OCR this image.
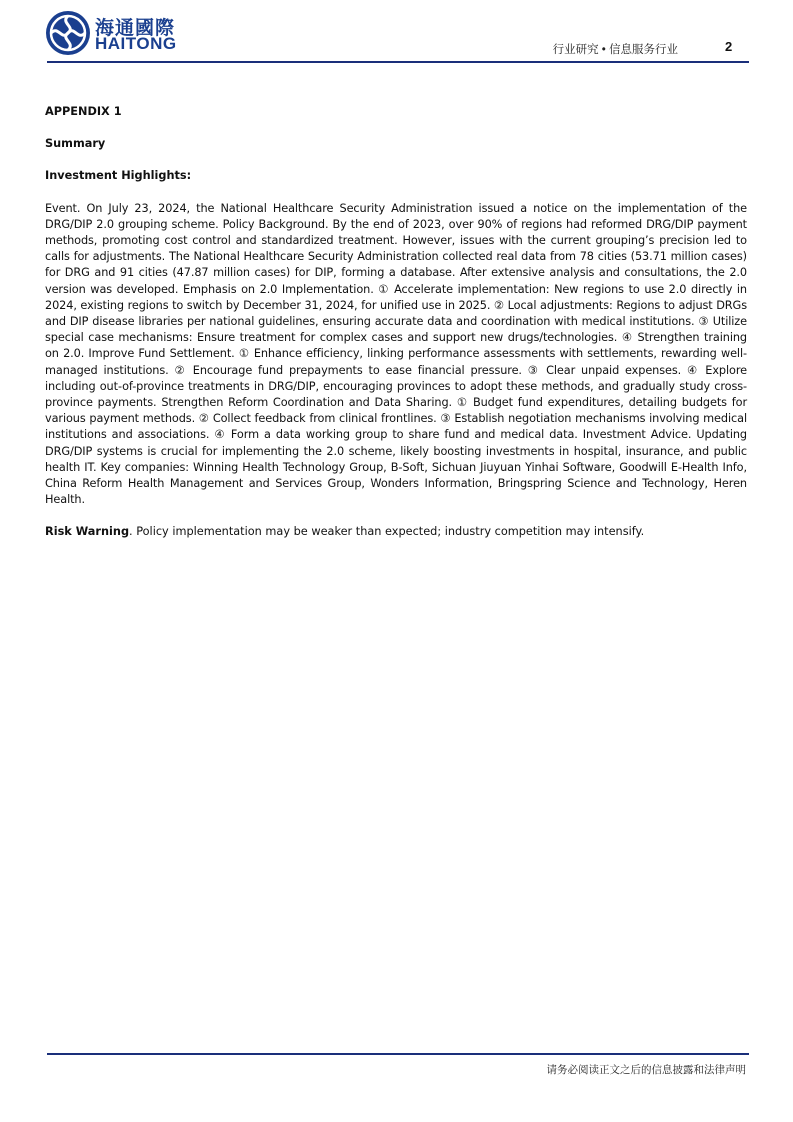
海通國際
HAITONG	行业研究 • 信息服务行业	2

APPENDIX 1

Summary

Investment Highlights:

Event. On July 23, 2024, the National Healthcare Security Administration issued a notice on the implementation of the DRG/DIP 2.0 grouping scheme. Policy Background. By the end of 2023, over 90% of regions had reformed DRG/DIP payment methods, promoting cost control and standardized treatment. However, issues with the current grouping’s precision led to calls for adjustments. The National Healthcare Security Administration collected real data from 78 cities (53.71 million cases) for DRG and 91 cities (47.87 million cases) for DIP, forming a database. After extensive analysis and consultations, the 2.0 version was developed. Emphasis on 2.0 Implementation. ① Accelerate implementation: New regions to use 2.0 directly in 2024, existing regions to switch by December 31, 2024, for unified use in 2025. ② Local adjustments: Regions to adjust DRGs and DIP disease libraries per national guidelines, ensuring accurate data and coordination with medical institutions. ③ Utilize special case mechanisms: Ensure treatment for complex cases and support new drugs/technologies. ④ Strengthen training on 2.0. Improve Fund Settlement. ① Enhance efficiency, linking performance assessments with settlements, rewarding well-managed institutions. ② Encourage fund prepayments to ease financial pressure. ③ Clear unpaid expenses. ④ Explore including out-of-province treatments in DRG/DIP, encouraging provinces to adopt these methods, and gradually study cross-province payments. Strengthen Reform Coordination and Data Sharing. ① Budget fund expenditures, detailing budgets for various payment methods. ② Collect feedback from clinical frontlines. ③ Establish negotiation mechanisms involving medical institutions and associations. ④ Form a data working group to share fund and medical data. Investment Advice. Updating DRG/DIP systems is crucial for implementing the 2.0 scheme, likely boosting investments in hospital, insurance, and public health IT. Key companies: Winning Health Technology Group, B-Soft, Sichuan Jiuyuan Yinhai Software, Goodwill E-Health Info, China Reform Health Management and Services Group, Wonders Information, Bringspring Science and Technology, Heren Health.

Risk Warning. Policy implementation may be weaker than expected; industry competition may intensify.

请务必阅读正文之后的信息披露和法律声明
